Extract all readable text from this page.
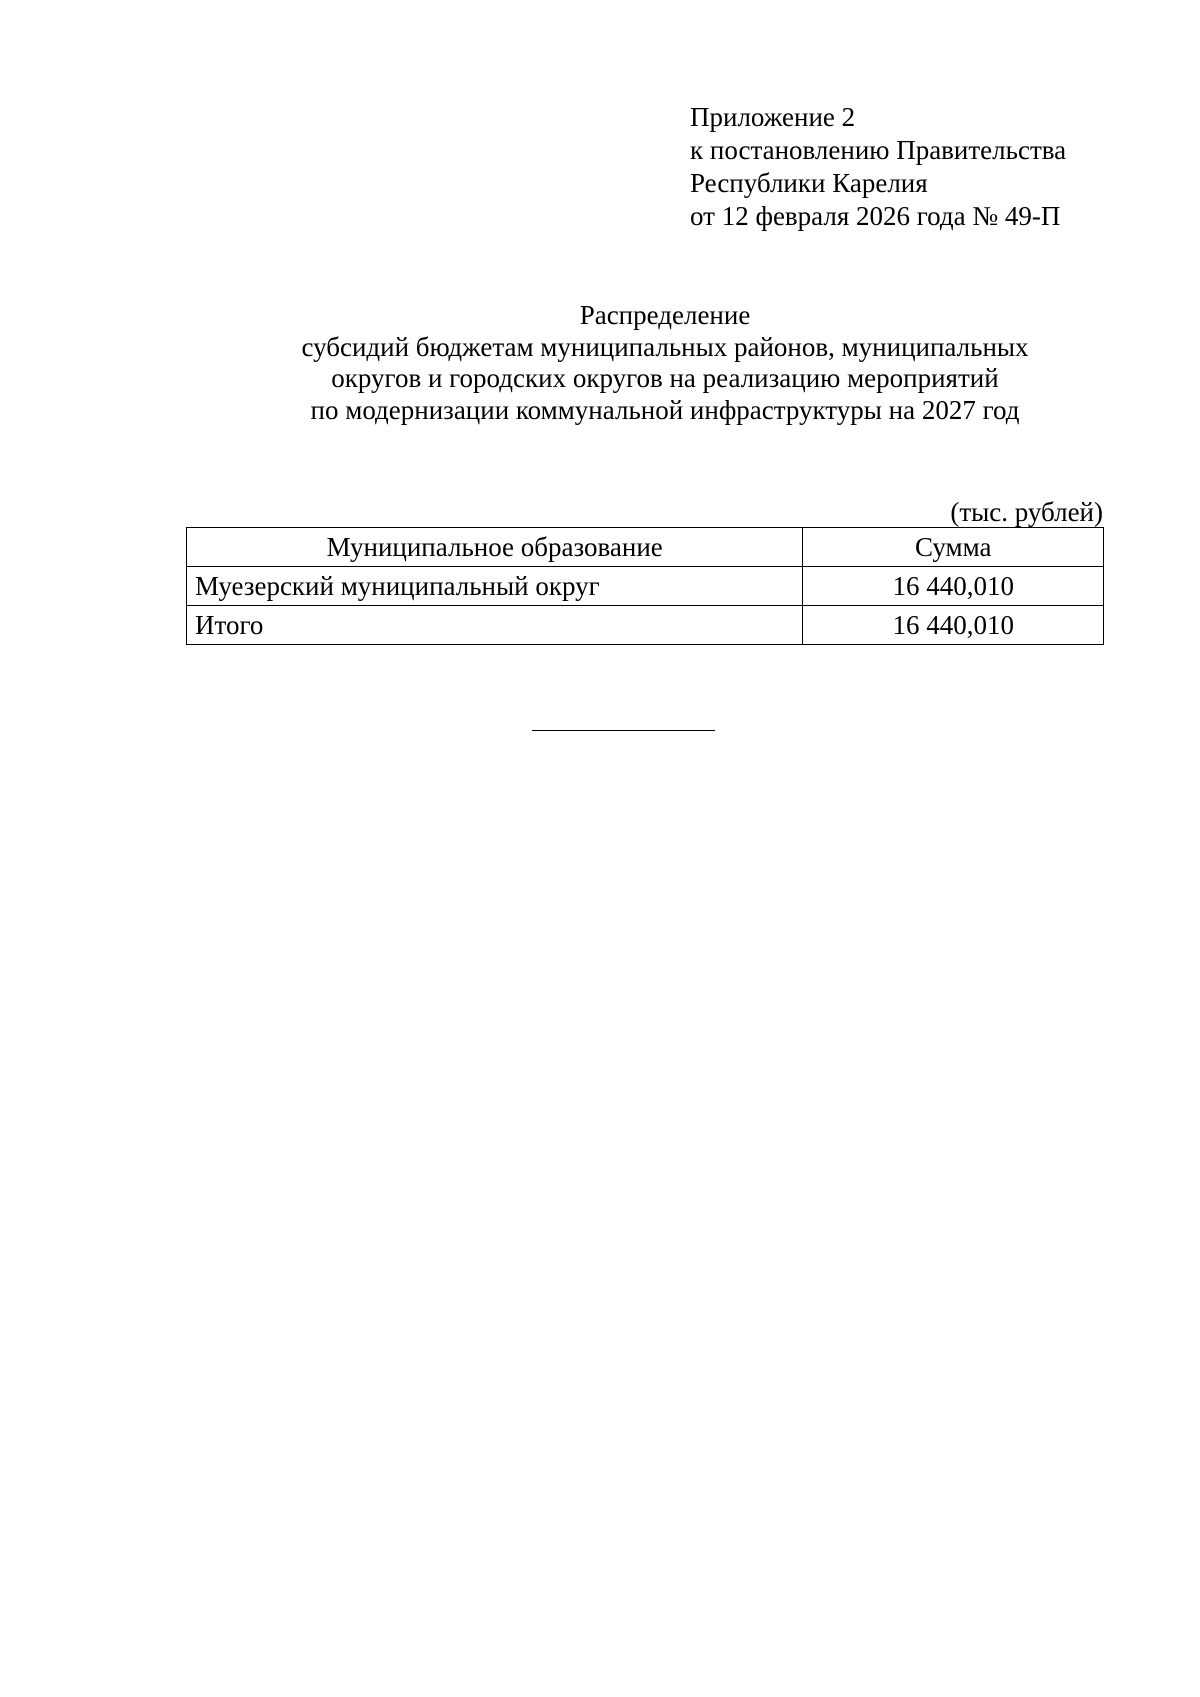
Приложение 2
к постановлению Правительства
Республики Карелия
от 12 февраля 2026 года № 49-П
Распределение
субсидий бюджетам муниципальных районов, муниципальных
округов и городских округов на реализацию мероприятий
по модернизации коммунальной инфраструктуры на 2027 год
(тыс. рублей)
Муниципальное образование	Сумма
Муезерский муниципальный округ	16 440,010
Итого	16 440,010
